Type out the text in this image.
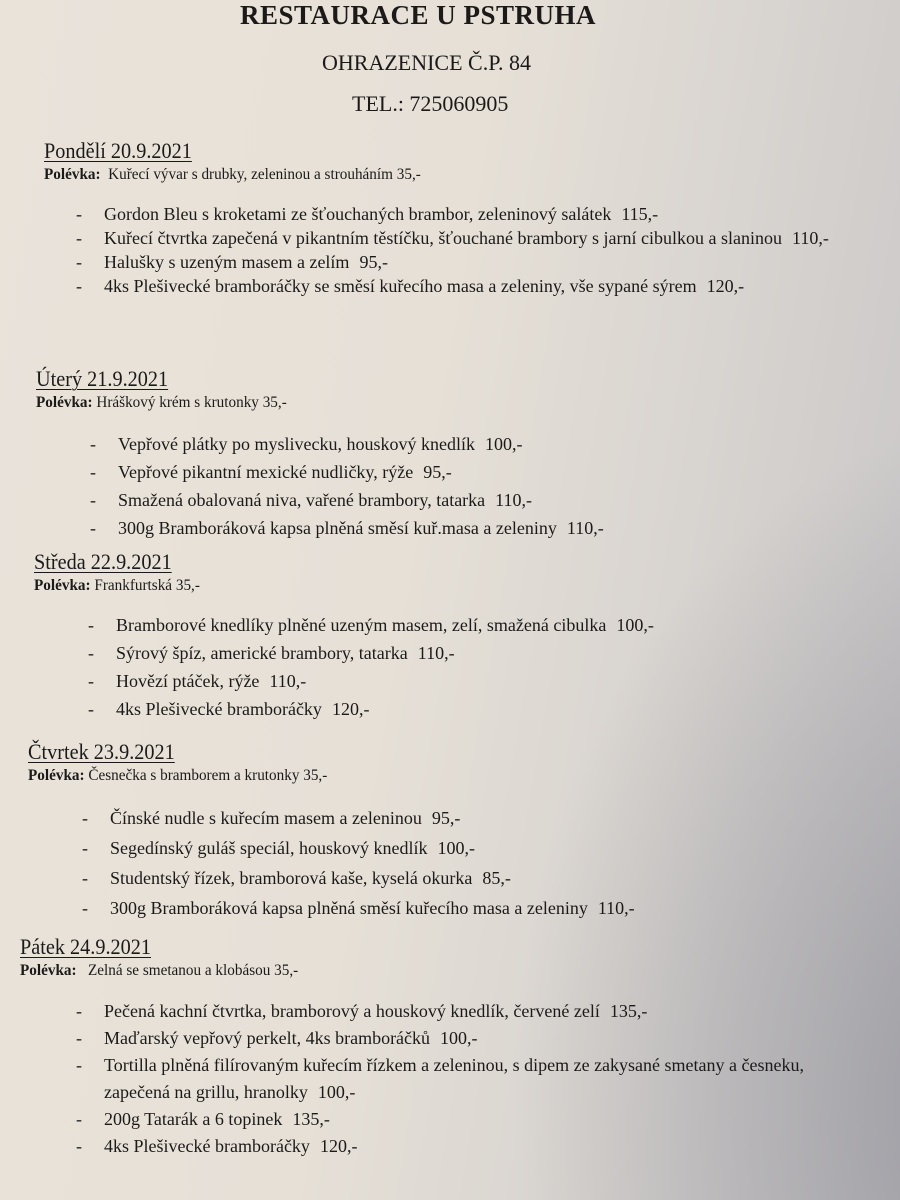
RESTAURACE U PSTRUHA
OHRAZENICE Č.P. 84
TEL.: 725060905
Pondělí 20.9.2021
Polévka: Kuřecí vývar s drubky, zeleninou a strouháním 35,-
- Gordon Bleu s kroketami ze šťouchaných brambor, zeleninový salátek 115,-
- Kuřecí čtvrtka zapečená v pikantním těstíčku, šťouchané brambory s jarní cibulkou a slaninou 110,-
- Halušky s uzeným masem a zelím 95,-
- 4ks Plešivecké bramboráčky se směsí kuřecího masa a zeleniny, vše sypané sýrem 120,-
Úterý 21.9.2021
Polévka: Hráškový krém s krutonky 35,-
- Vepřové plátky po myslivecku, houskový knedlík 100,-
- Vepřové pikantní mexické nudličky, rýže 95,-
- Smažená obalovaná niva, vařené brambory, tatarka 110,-
- 300g Bramboráková kapsa plněná směsí kuř.masa a zeleniny 110,-
Středa 22.9.2021
Polévka: Frankfurtská 35,-
- Bramborové knedlíky plněné uzeným masem, zelí, smažená cibulka 100,-
- Sýrový špíz, americké brambory, tatarka 110,-
- Hovězí ptáček, rýže 110,-
- 4ks Plešivecké bramboráčky 120,-
Čtvrtek 23.9.2021
Polévka: Česnečka s bramborem a krutonky 35,-
- Čínské nudle s kuřecím masem a zeleninou 95,-
- Segedínský guláš speciál, houskový knedlík 100,-
- Studentský řízek, bramborová kaše, kyselá okurka 85,-
- 300g Bramboráková kapsa plněná směsí kuřecího masa a zeleniny 110,-
Pátek 24.9.2021
Polévka: Zelná se smetanou a klobásou 35,-
- Pečená kachní čtvrtka, bramborový a houskový knedlík, červené zelí 135,-
- Maďarský vepřový perkelt, 4ks bramboráčků 100,-
- Tortilla plněná filírovaným kuřecím řízkem a zeleninou, s dipem ze zakysané smetany a česneku, zapečená na grillu, hranolky 100,-
- 200g Tatarák a 6 topinek 135,-
- 4ks Plešivecké bramboráčky 120,-
